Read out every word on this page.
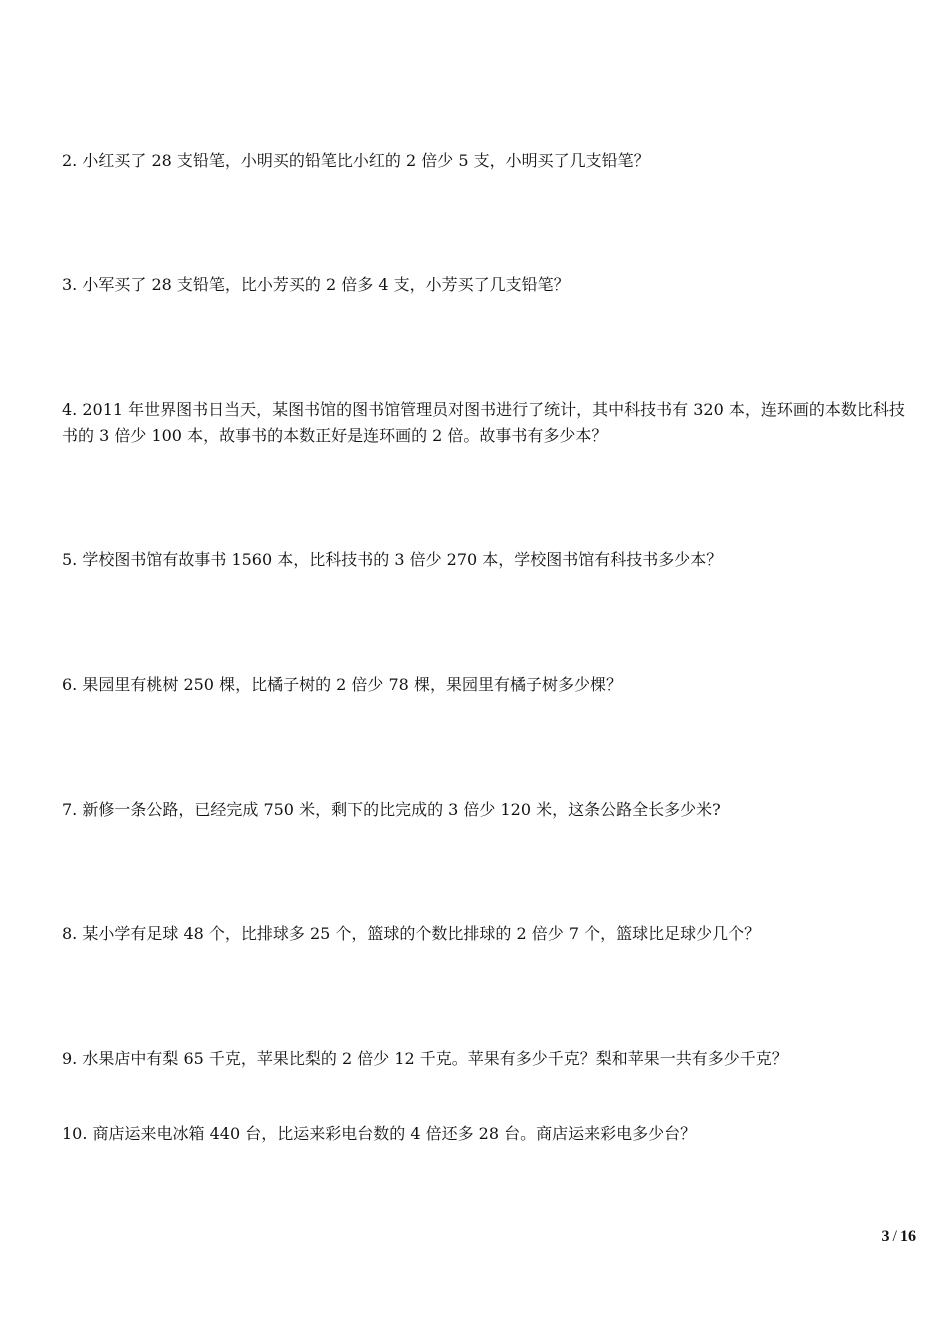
2. 小红买了 28 支铅笔，小明买的铅笔比小红的 2 倍少 5 支，小明买了几支铅笔？

3. 小军买了 28 支铅笔，比小芳买的 2 倍多 4 支，小芳买了几支铅笔？

4. 2011 年世界图书日当天，某图书馆的图书馆管理员对图书进行了统计，其中科技书有 320 本，连环画的本数比科技书的 3 倍少 100 本，故事书的本数正好是连环画的 2 倍。故事书有多少本？

5. 学校图书馆有故事书 1560 本，比科技书的 3 倍少 270 本，学校图书馆有科技书多少本？

6. 果园里有桃树 250 棵，比橘子树的 2 倍少 78 棵，果园里有橘子树多少棵？

7. 新修一条公路，已经完成 750 米，剩下的比完成的 3 倍少 120 米，这条公路全长多少米?

8. 某小学有足球 48 个，比排球多 25 个，篮球的个数比排球的 2 倍少 7 个，篮球比足球少几个？

9. 水果店中有梨 65 千克，苹果比梨的 2 倍少 12 千克。苹果有多少千克？梨和苹果一共有多少千克？

10. 商店运来电冰箱 440 台，比运来彩电台数的 4 倍还多 28 台。商店运来彩电多少台？

3 / 16
